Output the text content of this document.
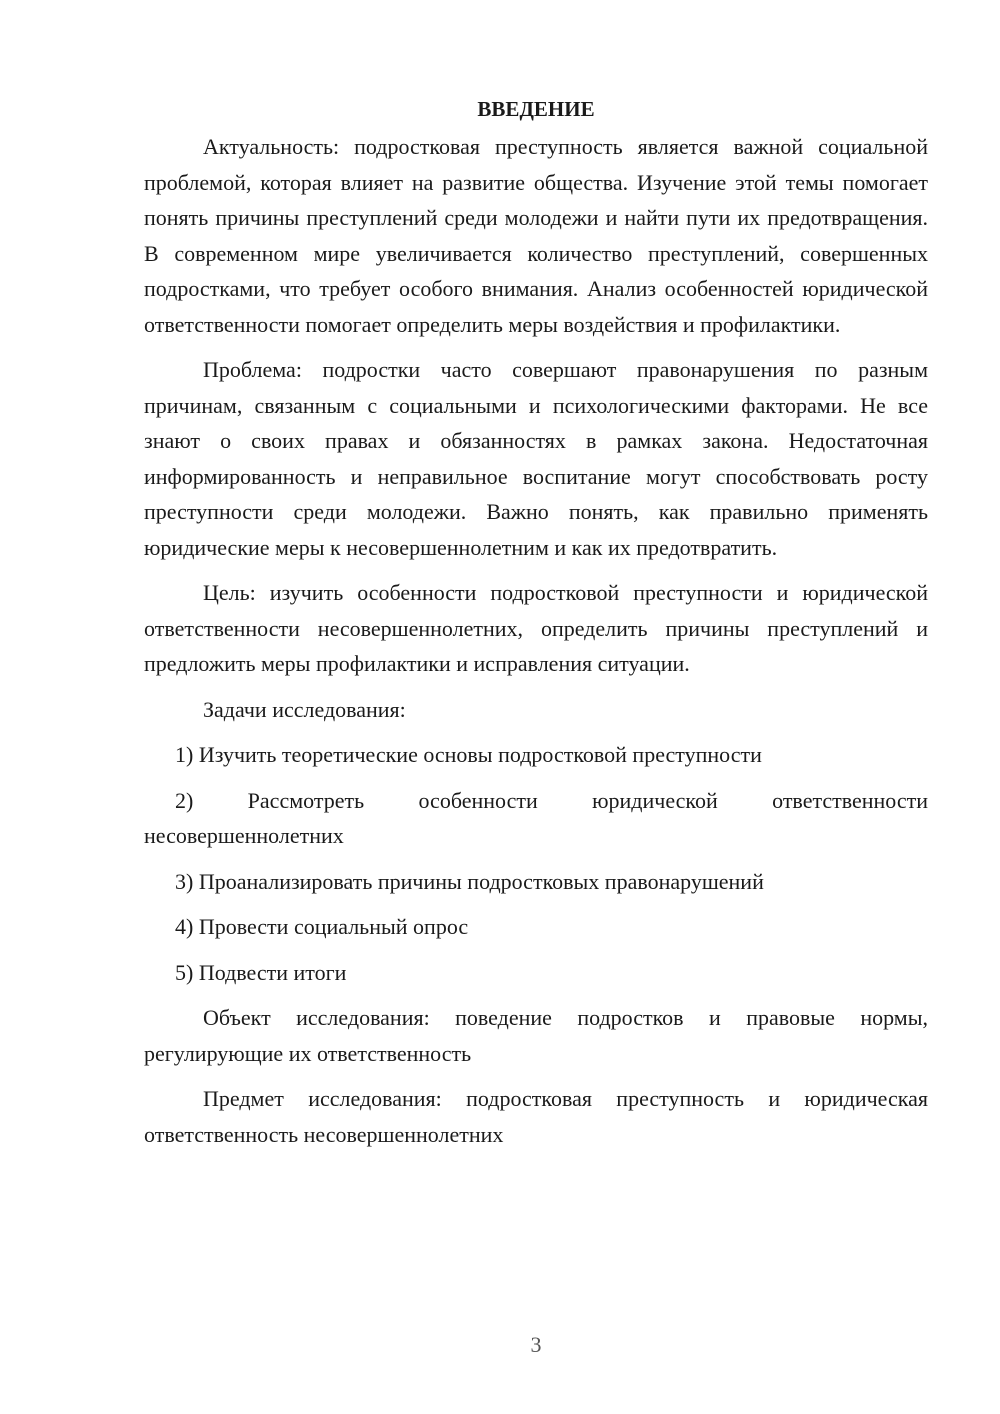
ВВЕДЕНИЕ

Актуальность: подростковая преступность является важной социальной проблемой, которая влияет на развитие общества. Изучение этой темы помогает понять причины преступлений среди молодежи и найти пути их предотвращения. В современном мире увеличивается количество преступлений, совершенных подростками, что требует особого внимания. Анализ особенностей юридической ответственности помогает определить меры воздействия и профилактики.

Проблема: подростки часто совершают правонарушения по разным причинам, связанным с социальными и психологическими факторами. Не все знают о своих правах и обязанностях в рамках закона. Недостаточная информированность и неправильное воспитание могут способствовать росту преступности среди молодежи. Важно понять, как правильно применять юридические меры к несовершеннолетним и как их предотвратить.

Цель: изучить особенности подростковой преступности и юридической ответственности несовершеннолетних, определить причины преступлений и предложить меры профилактики и исправления ситуации.

Задачи исследования:

1) Изучить теоретические основы подростковой преступности

2) Рассмотреть особенности юридической ответственности несовершеннолетних

3) Проанализировать причины подростковых правонарушений

4) Провести социальный опрос

5) Подвести итоги

Объект исследования: поведение подростков и правовые нормы, регулирующие их ответственность

Предмет исследования: подростковая преступность и юридическая ответственность несовершеннолетних

3
